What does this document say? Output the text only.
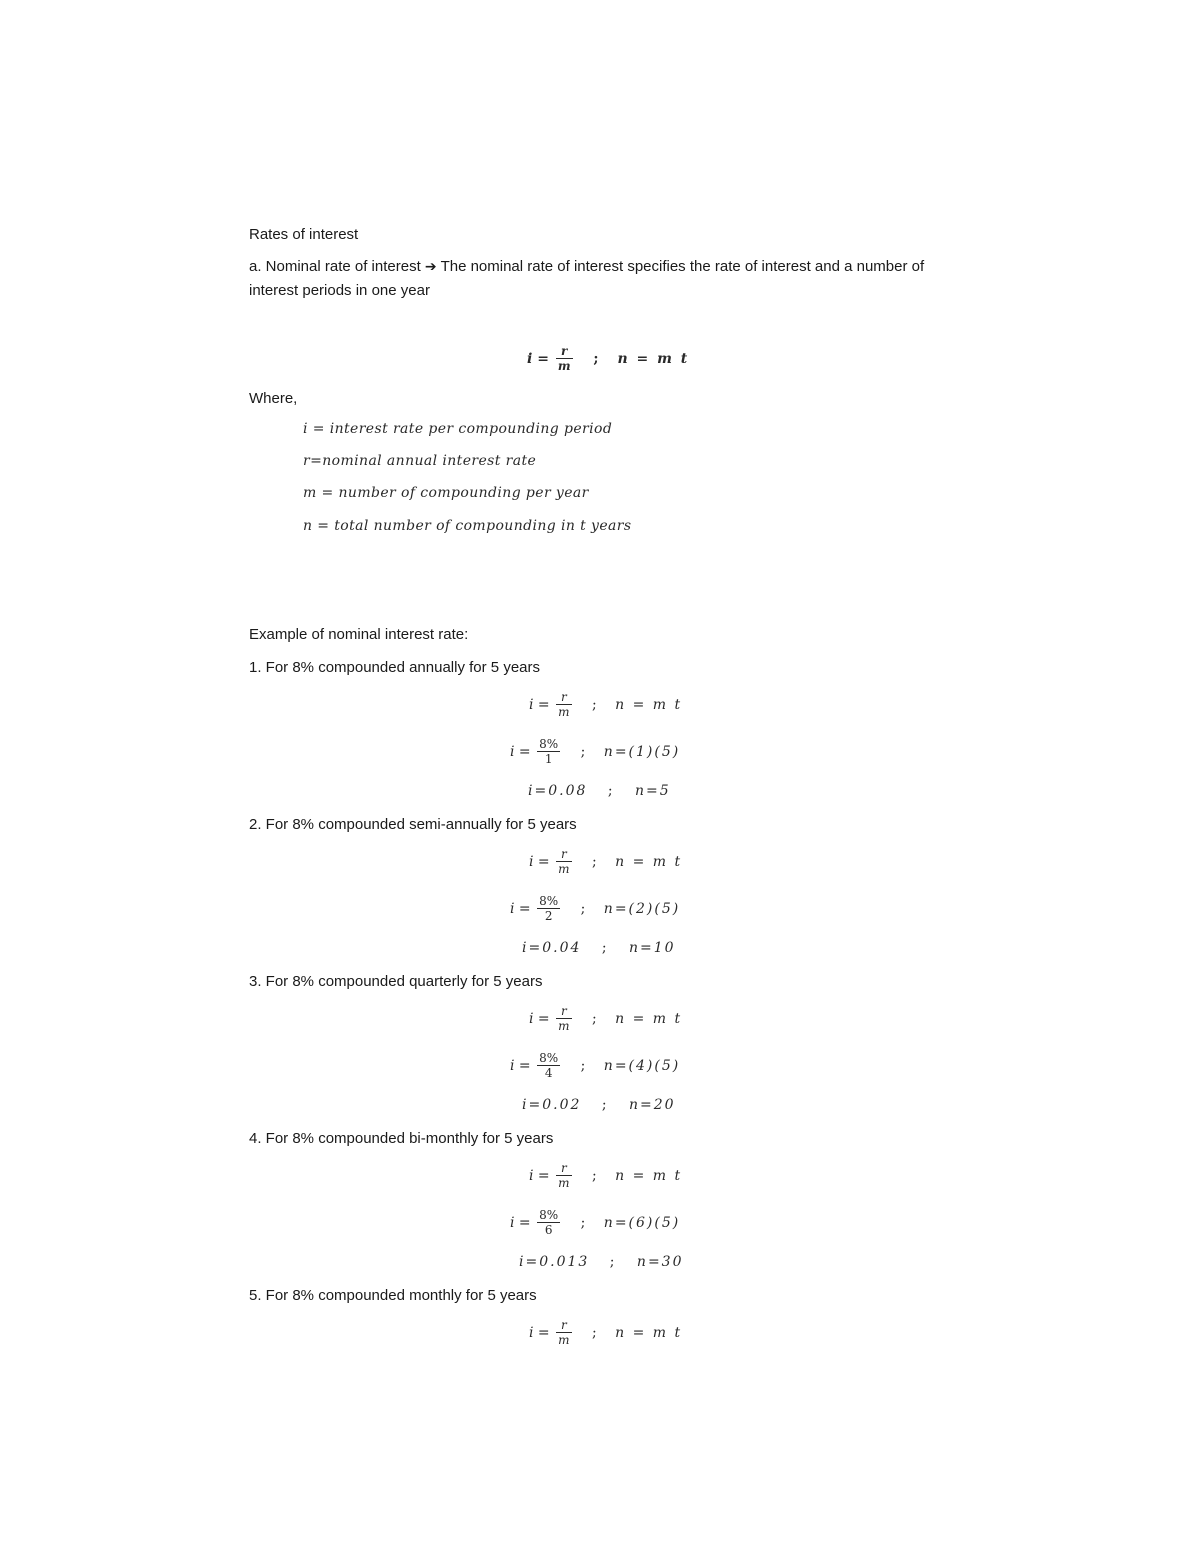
Rates of interest
a. Nominal rate of interest ➔ The nominal rate of interest specifies the rate of interest and a number of interest periods in one year
$i = \frac{r}{m}$ ; n = m t
Where,
i = interest rate per compounding period
r=nominal annual interest rate
m = number of compounding per year
n = total number of compounding in t years
Example of nominal interest rate:
1. For 8% compounded annually for 5 years
$i = \frac{r}{m}$ ; n = m t
$i = \frac{8\%}{1}$ ; n=(1)(5)
i=0.08 ; n=5
2. For 8% compounded semi-annually for 5 years
$i = \frac{r}{m}$ ; n = m t
$i = \frac{8\%}{2}$ ; n=(2)(5)
i=0.04 ; n=10
3. For 8% compounded quarterly for 5 years
$i = \frac{r}{m}$ ; n = m t
$i = \frac{8\%}{4}$ ; n=(4)(5)
i=0.02 ; n=20
4. For 8% compounded bi-monthly for 5 years
$i = \frac{r}{m}$ ; n = m t
$i = \frac{8\%}{6}$ ; n=(6)(5)
i=0.013 ; n=30
5. For 8% compounded monthly for 5 years
$i = \frac{r}{m}$ ; n = m t
